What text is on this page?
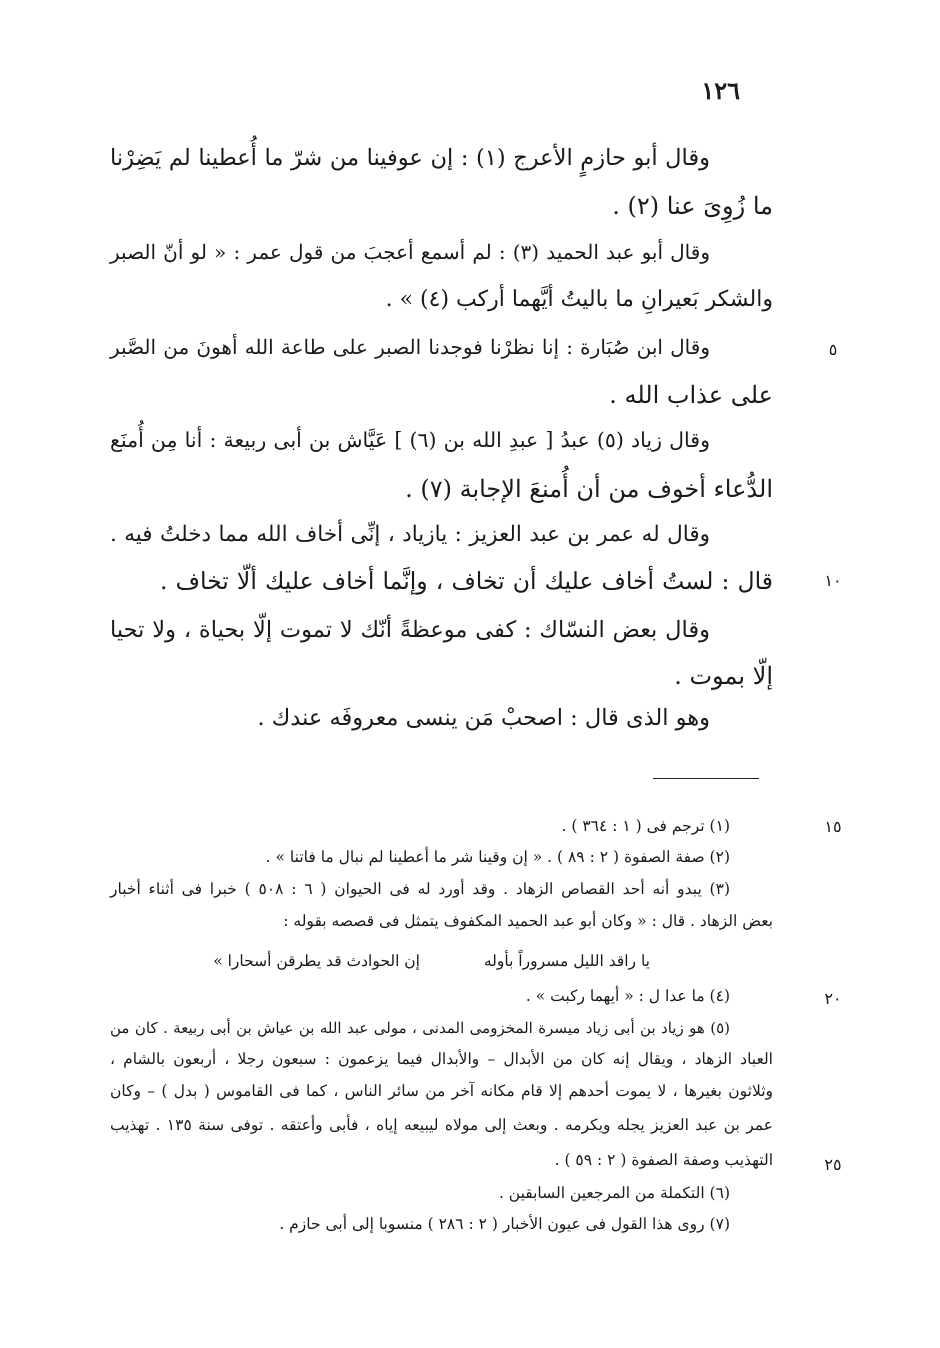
١٢٦
وقال أبو حازمٍ الأعرج (١) : إن عوفينا من شرّ ما أُعطينا لم يَضِرْنا
ما زُوِىَ عنا (٢) .
وقال أبو عبد الحميد (٣) : لم أسمع أعجبَ من قول عمر : « لو أنّ الصبر
والشكر بَعيرانِ ما باليتُ أيَّهما أركب (٤) » .
وقال ابن صُبَارة : إنا نظرْنا فوجدنا الصبر على طاعة الله أهونَ من الصَّبر
على عذاب الله .
وقال زياد (٥) عبدُ [ عبدِ الله بن (٦) ] عَيَّاش بن أبى ربيعة : أنا مِن أُمنَع
الدُّعاء أخوف من أن أُمنعَ الإجابة (٧) .
وقال له عمر بن عبد العزيز : يازياد ، إنِّى أخاف الله مما دخلتُ فيه .
قال : لستُ أخاف عليك أن تخاف ، وإنَّما أخاف عليك ألّا تخاف .
وقال بعض النسّاك : كفى موعظةً أنّك لا تموت إلّا بحياة ، ولا تحيا
إلّا بموت .
وهو الذى قال : اصحبْ مَن ينسى معروفَه عندك .
٥
١٠
١٥
٢٠
٢٥
(١) ترجم فى ( ١ : ٣٦٤ ) .
(٢) صفة الصفوة ( ٢ : ٨٩ ) . « إن وقينا شر ما أعطينا لم نبال ما فاتنا » .
(٣) يبدو أنه أحد القصاص الزهاد . وقد أورد له فى الحيوان ( ٦ : ٥٠٨ ) خبرا فى أثناء أخبار
بعض الزهاد . قال : « وكان أبو عبد الحميد المكفوف يتمثل فى قصصه بقوله :
يا راقد الليل مسروراً بأوله
إن الحوادث قد يطرقن أسحارا »
(٤) ما عدا ل : « أيهما ركبت » .
(٥) هو زياد بن أبى زياد ميسرة المخزومى المدنى ، مولى عبد الله بن عياش بن أبى ربيعة . كان من
العباد الزهاد ، ويقال إنه كان من الأبدال – والأبدال فيما يزعمون : سبعون رجلا ، أربعون بالشام ،
وثلاثون بغيرها ، لا يموت أحدهم إلا قام مكانه آخر من سائر الناس ، كما فى القاموس ( بدل ) – وكان
عمر بن عبد العزيز يجله ويكرمه . وبعث إلى مولاه ليبيعه إياه ، فأبى وأعتقه . توفى سنة ١٣٥ . تهذيب
التهذيب وصفة الصفوة ( ٢ : ٥٩ ) .
(٦) التكملة من المرجعين السابقين .
(٧) روى هذا القول فى عيون الأخبار ( ٢ : ٢٨٦ ) منسوبا إلى أبى حازم .
